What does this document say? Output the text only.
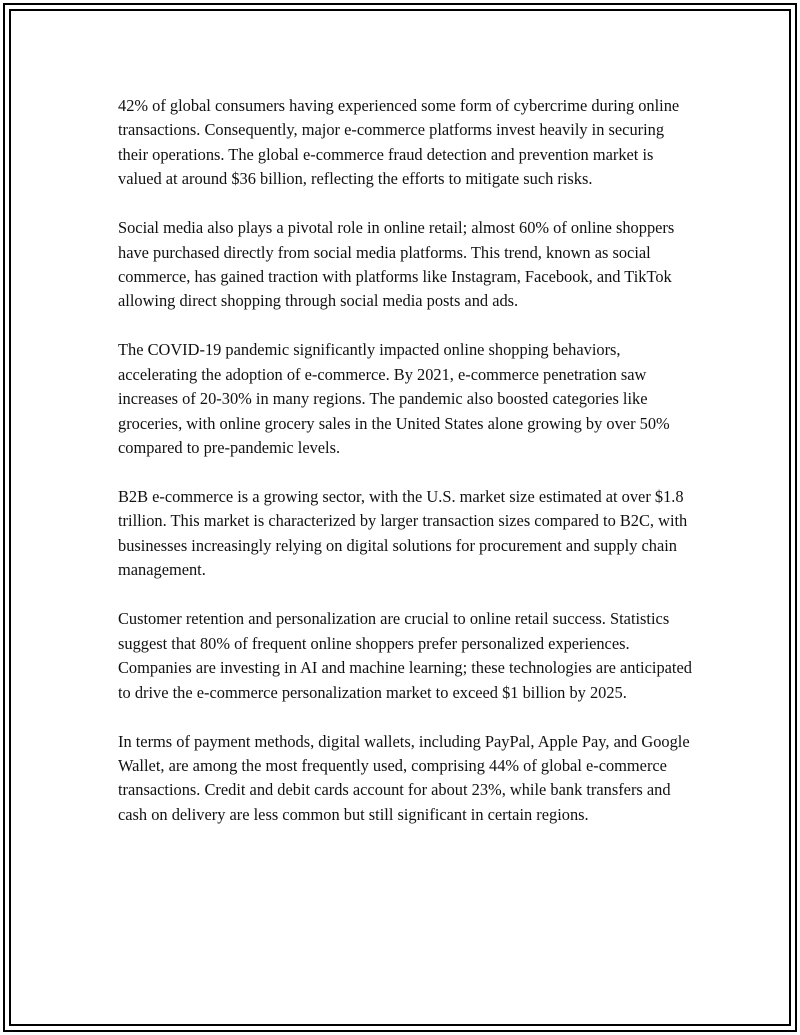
42% of global consumers having experienced some form of cybercrime during online transactions. Consequently, major e-commerce platforms invest heavily in securing their operations. The global e-commerce fraud detection and prevention market is valued at around $36 billion, reflecting the efforts to mitigate such risks.

Social media also plays a pivotal role in online retail; almost 60% of online shoppers have purchased directly from social media platforms. This trend, known as social commerce, has gained traction with platforms like Instagram, Facebook, and TikTok allowing direct shopping through social media posts and ads.

The COVID-19 pandemic significantly impacted online shopping behaviors, accelerating the adoption of e-commerce. By 2021, e-commerce penetration saw increases of 20-30% in many regions. The pandemic also boosted categories like groceries, with online grocery sales in the United States alone growing by over 50% compared to pre-pandemic levels.

B2B e-commerce is a growing sector, with the U.S. market size estimated at over $1.8 trillion. This market is characterized by larger transaction sizes compared to B2C, with businesses increasingly relying on digital solutions for procurement and supply chain management.

Customer retention and personalization are crucial to online retail success. Statistics suggest that 80% of frequent online shoppers prefer personalized experiences. Companies are investing in AI and machine learning; these technologies are anticipated to drive the e-commerce personalization market to exceed $1 billion by 2025.

In terms of payment methods, digital wallets, including PayPal, Apple Pay, and Google Wallet, are among the most frequently used, comprising 44% of global e-commerce transactions. Credit and debit cards account for about 23%, while bank transfers and cash on delivery are less common but still significant in certain regions.
